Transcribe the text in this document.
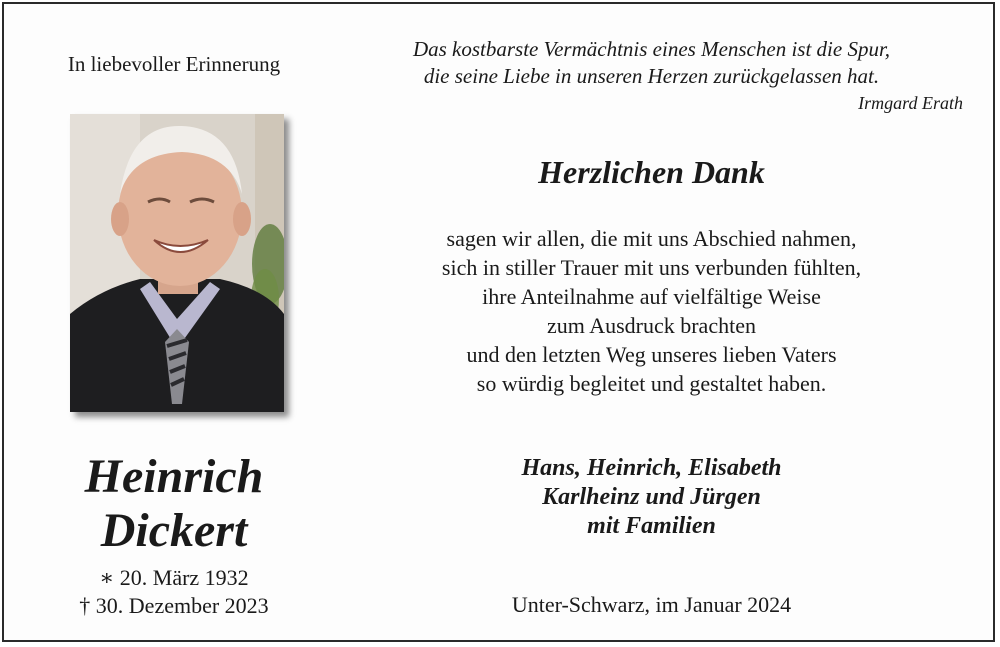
In liebevoller Erinnerung
Das kostbarste Vermächtnis eines Menschen ist die Spur,
die seine Liebe in unseren Herzen zurückgelassen hat.
Irmgard Erath
Heinrich
Dickert
∗ 20. März 1932
† 30. Dezember 2023
Herzlichen Dank
sagen wir allen, die mit uns Abschied nahmen,
sich in stiller Trauer mit uns verbunden fühlten,
ihre Anteilnahme auf vielfältige Weise
zum Ausdruck brachten
und den letzten Weg unseres lieben Vaters
so würdig begleitet und gestaltet haben.
Hans, Heinrich, Elisabeth
Karlheinz und Jürgen
mit Familien
Unter-Schwarz, im Januar 2024
